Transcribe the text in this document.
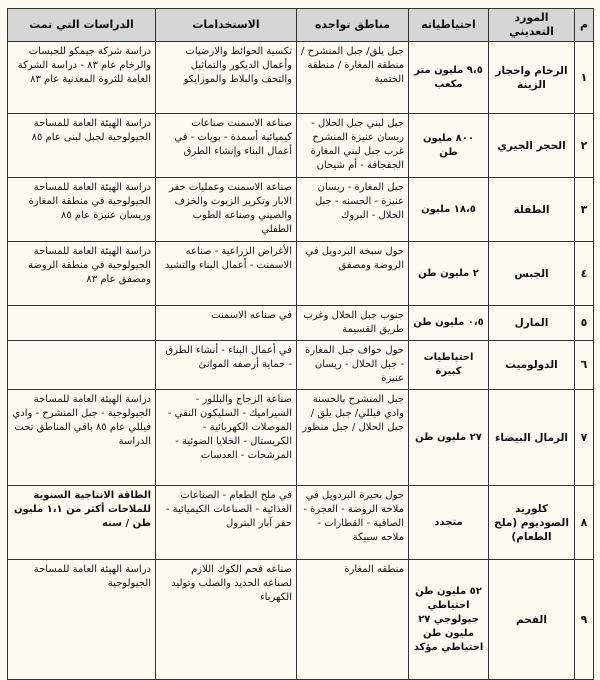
م	المورد التعديني	احتياطياته	مناطق تواجده	الاستخدامات	الدراسات التي تمت
١	الرخام واحجار الزينة	٩،٥ مليون متر مكعب	جبل يلق/ جبل المنشرح /منطقة المغارة / منطقة الختمية	تكسية الحوائط والارضيات وأعمال الديكور والتماثيل والتحف والبلاط والموزايكو	دراسة شركة جيمكو للجبسات والرخام عام ٨٣ - دراسة الشركة العامة للثروة المعدنية عام ٨٣
٢	الحجر الجيري	٨٠٠ مليون طن	جبل لبني جبل الحلال - ريسان عنيزة المنشرح غرب جبل لبني المغارة الجفجافة - أم شيحان	صناعة الاسمنت صناعات كيميائية أسمدة - بويات - في أعمال البناء وإنشاء الطرق	دراسة الهيئة العامة للمساحة الجيولوجية لجبل لبنى عام ٨٥
٣	الطفلة	١٨،٥ مليون	جبل المغارة - ريسان عنيزة - الحسنه - جبل الحلال - البروك	صناعة الاسمنت وعمليات حفر الابار وتكرير الزيوت والخزف والصيني وصناعه الطوب الطفلي	دراسة الهيئة العامة للمساحة الجيولوجية في منطقة المغارة وريسان عنيزة عام ٨٥
٤	الجبس	٢ مليون طن	حول سبخة البردويل في الروضة ومصفق	الأغراض الزراعية - صناعه الاسمنت - أعمال البناء والتشيد	دراسة الهيئة العامة للمساحة الجيولوجية في منطقة الروضة ومصفق عام ٨٣
٥	المارل	٠،٥ مليون طن	جنوب جبل الحلال وغرب طريق القسيمة	في صناعه الاسمنت	
٦	الدولوميت	احتياطيات كبيرة	حول حواف جبل المغارة - جبل الحلال - ريسان عنيزة	في أعمال البناء - أنشاء الطرق - حماية أرصفه الموانئ	
٧	الرمال البيضاء	٢٧ مليون طن	جبل المنشرح بالحسنة وادي فيللي/ جبل يلق / جبل الحلال / جبل منظور	صناعة الزجاج والبللور - السيراميك - السليكون النقي - الموصلات الكهربائية - الكريستال - الخلايا الضوئية - المرشحات - العدسات	دراسة الهيئة العامة للمساحة الجيولوجية - جبل المنشرح - وادي فيللي عام ٨٥ باقي المناطق تحت الدراسة
٨	كلوريد الصوديوم (ملح الطعام)	متجدد	حول بحيرة البردويل في ملاحة الروضة - العجرة - الصافية - القطارات - ملاحه سبيكة	في ملح الطعام - الصناعات الغذائية - الصناعات الكيميائية - حفر آبار البترول	الطاقة الانتاجية السنوية للملاحات أكثر من ١،١ مليون طن / سنه
٩	الفحم	٥٢ مليون طن احتياطي جيولوجي ٢٧ مليون طن احتياطي مؤكد	منطقه المغارة	صناعه فحم الكوك اللازم لصناعه الحديد والصلب وتوليد الكهرباء	دراسة الهيئة العامة للمساحة الجيولوجية
